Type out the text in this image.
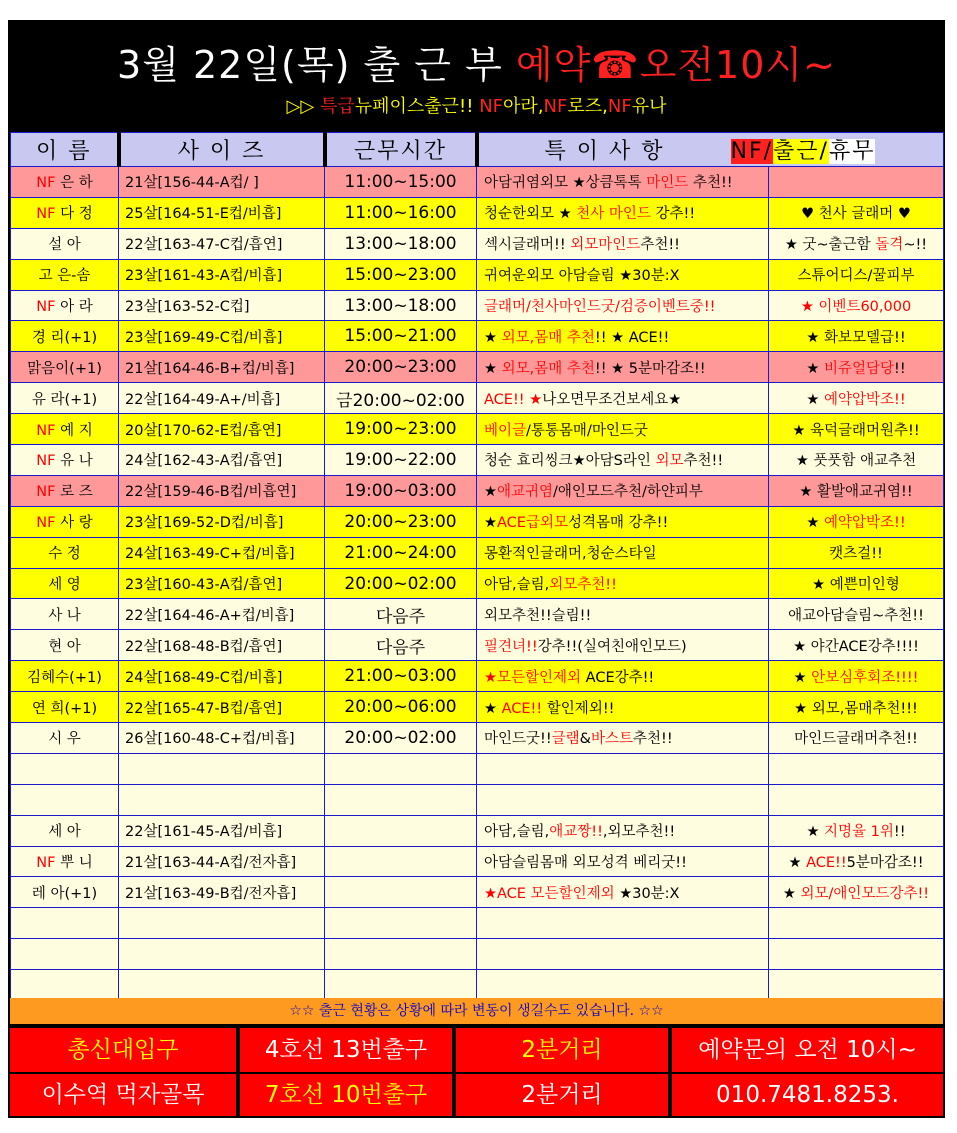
3월 22일(목) 출 근 부 예약☎오전10시~
▷▷ 특급뉴페이스출근!! NF아라,NF로즈,NF유나
이 름	사 이 즈	근무시간	특 이 사 항 NF/출근/휴무	
NF 은 하	21살[156-44-A컵/ ]	11:00~15:00	아담귀염외모 ★상큼톡톡 마인드 추천!!	
NF 다 정	25살[164-51-E컵/비흡]	11:00~16:00	청순한외모 ★ 천사 마인드 강추!!	♥ 천사 글래머 ♥
설 아	22살[163-47-C컵/흡연]	13:00~18:00	섹시글래머!! 외모마인드추천!!	★ 굿~출근함 돌격~!!
고 은-솜	23살[161-43-A컵/비흡]	15:00~23:00	귀여운외모 아담슬림 ★30분:X	스튜어디스/꿀피부
NF 아 라	23살[163-52-C컵]	13:00~18:00	글래머/천사마인드굿/검증이벤트중!!	★ 이벤트60,000
경 리(+1)	23살[169-49-C컵/비흡]	15:00~21:00	★ 외모,몸매 추천!! ★ ACE!!	★ 화보모델급!!
맑음이(+1)	21살[164-46-B+컵/비흡]	20:00~23:00	★ 외모,몸매 추천!! ★ 5분마감조!!	★ 비쥬얼담당!!
유 라(+1)	22살[164-49-A+/비흡]	금20:00~02:00	ACE!! ★나오면무조건보세요★	★ 예약압박조!!
NF 예 지	20살[170-62-E컵/흡연]	19:00~23:00	베이글/통통몸매/마인드굿	★ 육덕글래머원추!!
NF 유 나	24살[162-43-A컵/흡연]	19:00~22:00	청순 효리씽크★아담S라인 외모추천!!	★ 풋풋함 애교추천
NF 로 즈	22살[159-46-B컵/비흡연]	19:00~03:00	★애교귀염/애인모드추천/하얀피부	★ 활발애교귀염!!
NF 사 랑	23살[169-52-D컵/비흡]	20:00~23:00	★ACE급외모성격몸매 강추!!	★ 예약압박조!!
수 정	24살[163-49-C+컵/비흡]	21:00~24:00	몽환적인글래머,청순스타일	캣츠걸!!
세 영	23살[160-43-A컵/흡연]	20:00~02:00	아담,슬림,외모추천!!	★ 예쁜미인형
사 나	22살[164-46-A+컵/비흡]	다음주	외모추천!!슬림!!	애교아담슬림~추천!!
현 아	22살[168-48-B컵/흡연]	다음주	필견녀!!강추!!(실여친애인모드)	★ 야간ACE강추!!!!
김혜수(+1)	24살[168-49-C컵/비흡]	21:00~03:00	★모든할인제외 ACE강추!!	★ 안보심후회조!!!!
연 희(+1)	22살[165-47-B컵/흡연]	20:00~06:00	★ ACE!! 할인제외!!	★ 외모,몸매추천!!!
시 우	26살[160-48-C+컵/비흡]	20:00~02:00	마인드굿!!글램&바스트추천!!	마인드글래머추천!!

세 아	22살[161-45-A컵/비흡]		아담,슬림,애교짱!!,외모추천!!	★ 지명율 1위!!
NF 뿌 니	21살[163-44-A컵/전자흡]		아담슬림몸매 외모성격 베리굿!!	★ ACE!!5분마감조!!
레 아(+1)	21살[163-49-B컵/전자흡]		★ACE 모든할인제외 ★30분:X	★ 외모/애인모드강추!!

☆☆ 출근 현황은 상황에 따라 변동이 생길수도 있습니다. ☆☆
총신대입구	4호선 13번출구	2분거리	예약문의 오전 10시~
이수역 먹자골목	7호선 10번출구	2분거리	010.7481.8253.
